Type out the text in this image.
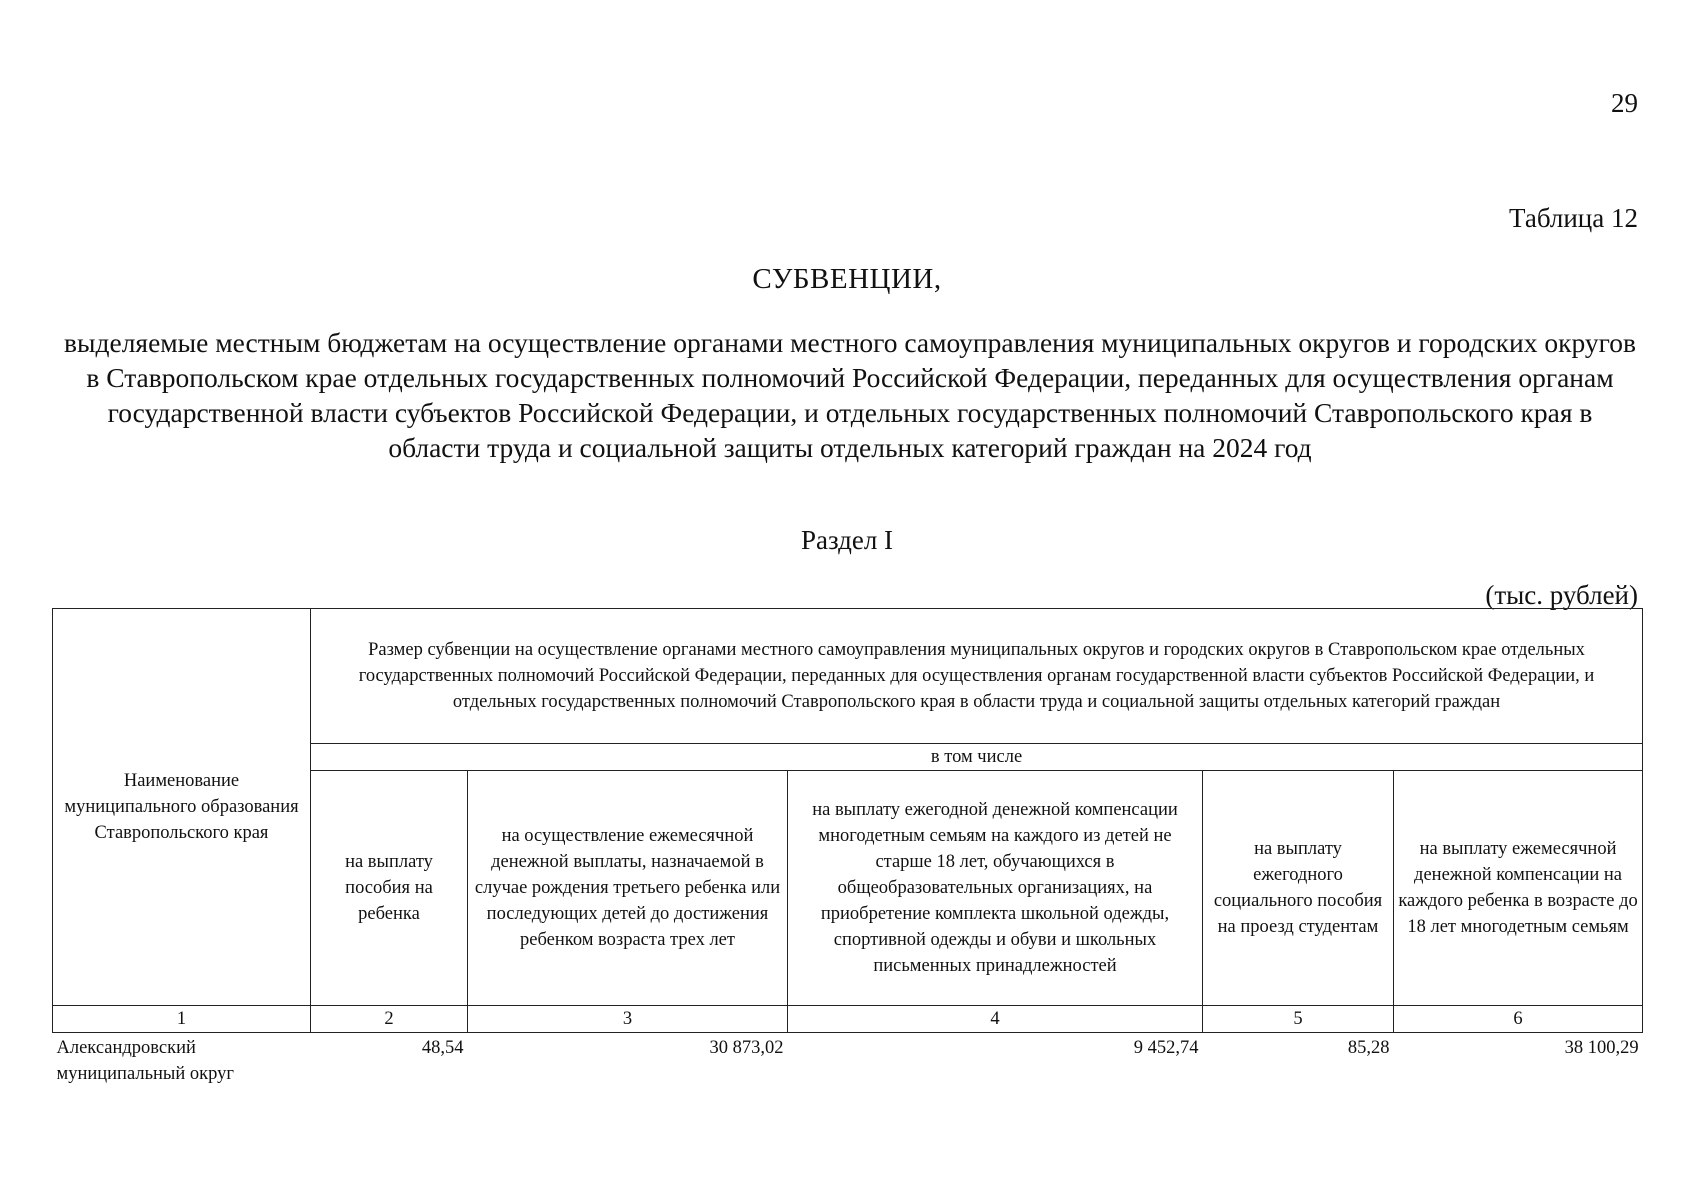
29
Таблица 12
СУБВЕНЦИИ,
выделяемые местным бюджетам на осуществление органами местного самоуправления муниципальных округов и городских округов в Ставропольском крае отдельных государственных полномочий Российской Федерации, переданных для осуществления органам государственной власти субъектов Российской Федерации, и отдельных государственных полномочий Ставропольского края в области труда и социальной защиты отдельных категорий граждан на 2024 год
Раздел I
(тыс. рублей)
Наименование муниципального образования Ставропольского края	Размер субвенции на осуществление органами местного самоуправления муниципальных округов и городских округов в Ставропольском крае отдельных государственных полномочий Российской Федерации, переданных для осуществления органам государственной власти субъектов Российской Федерации, и отдельных государственных полномочий Ставропольского края в области труда и социальной защиты отдельных категорий граждан				
	в том числе				
	на выплату пособия на ребенка	на осуществление ежемесячной денежной выплаты, назначаемой в случае рождения третьего ребенка или последующих детей до достижения ребенком возраста трех лет	на выплату ежегодной денежной компенсации многодетным семьям на каждого из детей не старше 18 лет, обучающихся в общеобразовательных организациях, на приобретение комплекта школьной одежды, спортивной одежды и обуви и школьных письменных принадлежностей	на выплату ежегодного социального пособия на проезд студентам	на выплату ежемесячной денежной компенсации на каждого ребенка в возрасте до 18 лет многодетным семьям
1	2	3	4	5	6
Александровский муниципальный округ	48,54	30 873,02	9 452,74	85,28	38 100,29
